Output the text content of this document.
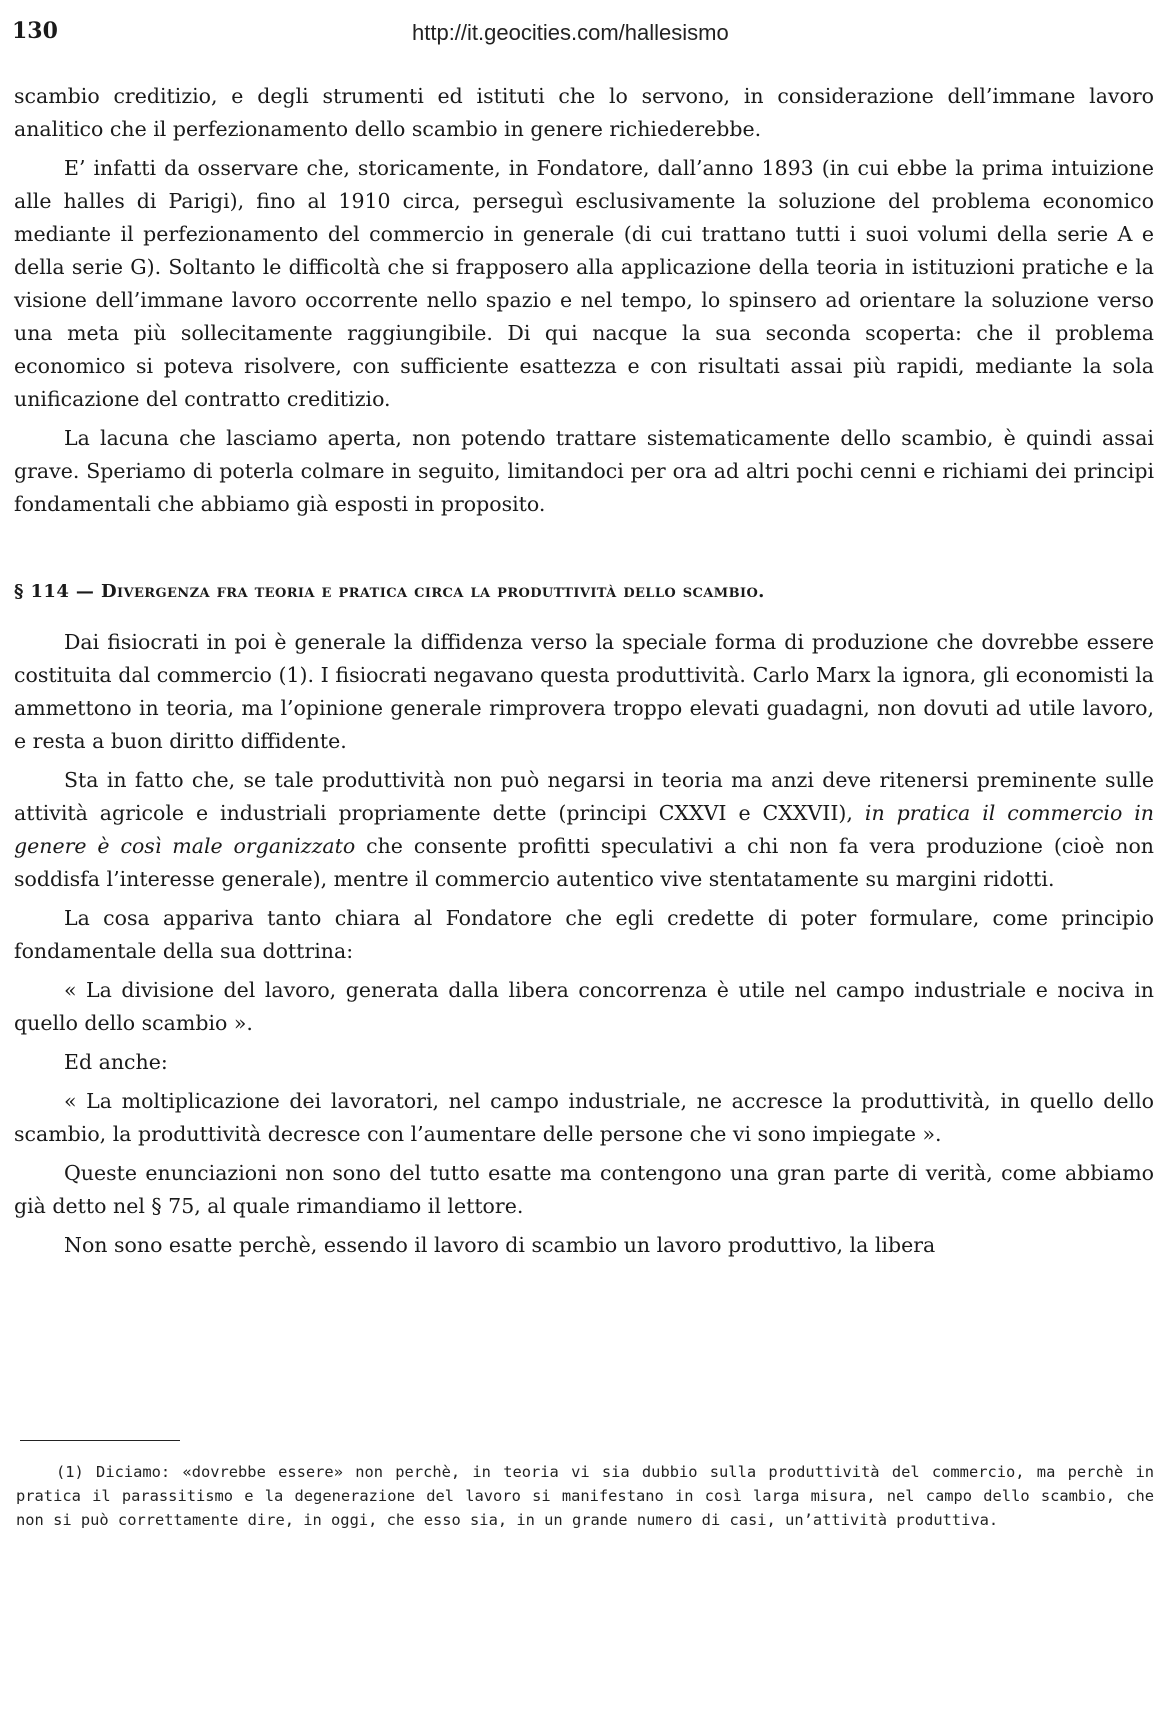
130	http://it.geocities.com/hallesismo

scambio creditizio, e degli strumenti ed istituti che lo servono, in considerazione dell’immane lavoro analitico che il perfezionamento dello scambio in genere richiederebbe.

E’ infatti da osservare che, storicamente, in Fondatore, dall’anno 1893 (in cui ebbe la prima intuizione alle halles di Parigi), fino al 1910 circa, perseguì esclusivamente la soluzione del problema economico mediante il perfezionamento del commercio in generale (di cui trattano tutti i suoi volumi della serie A e della serie G). Soltanto le difficoltà che si frapposero alla applicazione della teoria in istituzioni pratiche e la visione dell’immane lavoro occorrente nello spazio e nel tempo, lo spinsero ad orientare la soluzione verso una meta più sollecitamente raggiungibile. Di qui nacque la sua seconda scoperta: che il problema economico si poteva risolvere, con sufficiente esattezza e con risultati assai più rapidi, mediante la sola unificazione del contratto creditizio.

La lacuna che lasciamo aperta, non potendo trattare sistematicamente dello scambio, è quindi assai grave. Speriamo di poterla colmare in seguito, limitandoci per ora ad altri pochi cenni e richiami dei principi fondamentali che abbiamo già esposti in proposito.

§ 114 — Divergenza fra teoria e pratica circa la produttività dello scambio.

Dai fisiocrati in poi è generale la diffidenza verso la speciale forma di produzione che dovrebbe essere costituita dal commercio (1). I fisiocrati negavano questa produttività. Carlo Marx la ignora, gli economisti la ammettono in teoria, ma l’opinione generale rimprovera troppo elevati guadagni, non dovuti ad utile lavoro, e resta a buon diritto diffidente.

Sta in fatto che, se tale produttività non può negarsi in teoria ma anzi deve ritenersi preminente sulle attività agricole e industriali propriamente dette (principi CXXVI e CXXVII), in pratica il commercio in genere è così male organizzato che consente profitti speculativi a chi non fa vera produzione (cioè non soddisfa l’interesse generale), mentre il commercio autentico vive stentatamente su margini ridotti.

La cosa appariva tanto chiara al Fondatore che egli credette di poter formulare, come principio fondamentale della sua dottrina:

« La divisione del lavoro, generata dalla libera concorrenza è utile nel campo industriale e nociva in quello dello scambio ».

Ed anche:

« La moltiplicazione dei lavoratori, nel campo industriale, ne accresce la produttività, in quello dello scambio, la produttività decresce con l’aumentare delle persone che vi sono impiegate ».

Queste enunciazioni non sono del tutto esatte ma contengono una gran parte di verità, come abbiamo già detto nel § 75, al quale rimandiamo il lettore.

Non sono esatte perchè, essendo il lavoro di scambio un lavoro produttivo, la libera

(1) Diciamo: «dovrebbe essere» non perchè, in teoria vi sia dubbio sulla produttività del commercio, ma perchè in pratica il parassitismo e la degenerazione del lavoro si manifestano in così larga misura, nel campo dello scambio, che non si può correttamente dire, in oggi, che esso sia, in un grande numero di casi, un’attività produttiva.
